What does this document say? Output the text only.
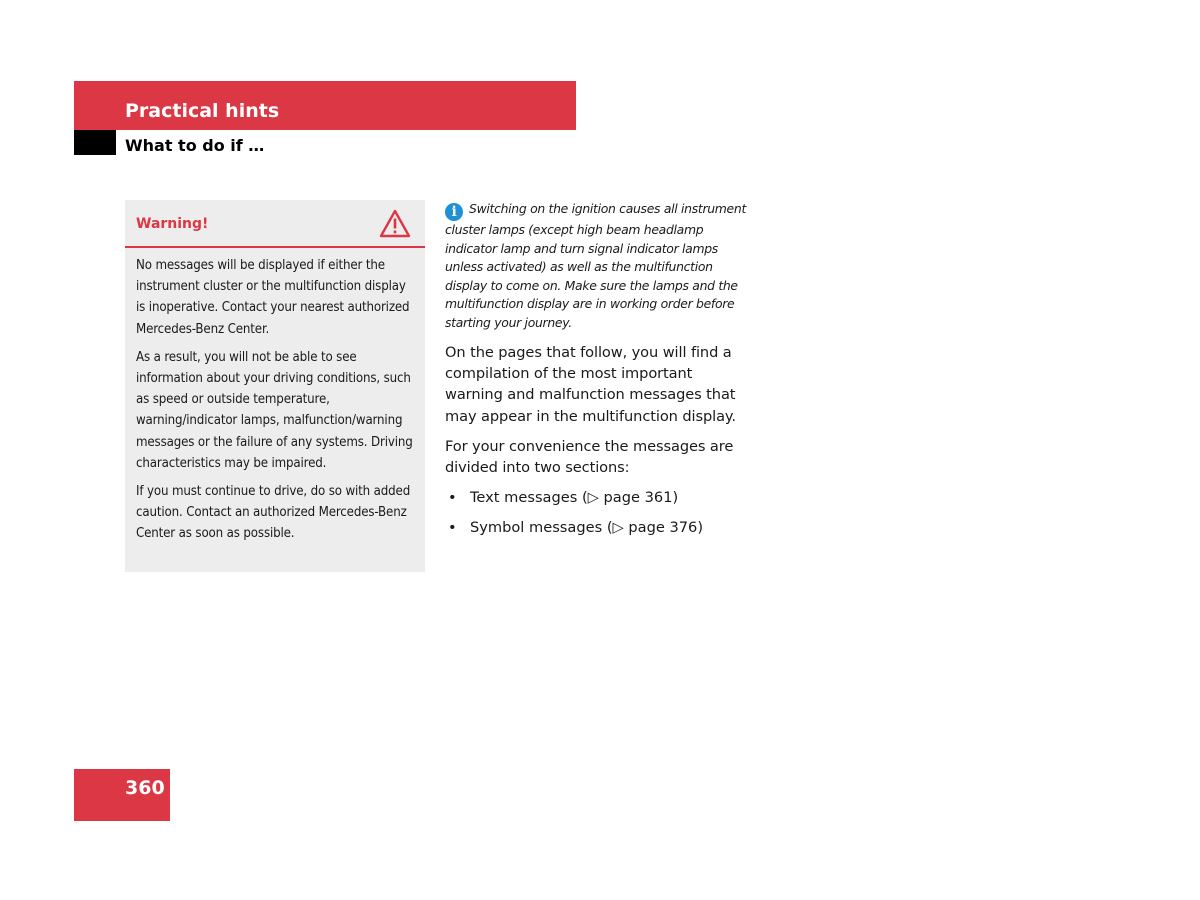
Practical hints
What to do if …
Warning!

No messages will be displayed if either the instrument cluster or the multifunction display is inoperative. Contact your nearest authorized Mercedes-Benz Center.

As a result, you will not be able to see information about your driving conditions, such as speed or outside temperature, warning/indicator lamps, malfunction/warning messages or the failure of any systems. Driving characteristics may be impaired.

If you must continue to drive, do so with added caution. Contact an authorized Mercedes-Benz Center as soon as possible.

i Switching on the ignition causes all instrument cluster lamps (except high beam headlamp indicator lamp and turn signal indicator lamps unless activated) as well as the multifunction display to come on. Make sure the lamps and the multifunction display are in working order before starting your journey.

On the pages that follow, you will find a compilation of the most important warning and malfunction messages that may appear in the multifunction display.

For your convenience the messages are divided into two sections:

• Text messages (▷ page 361)
• Symbol messages (▷ page 376)

360
